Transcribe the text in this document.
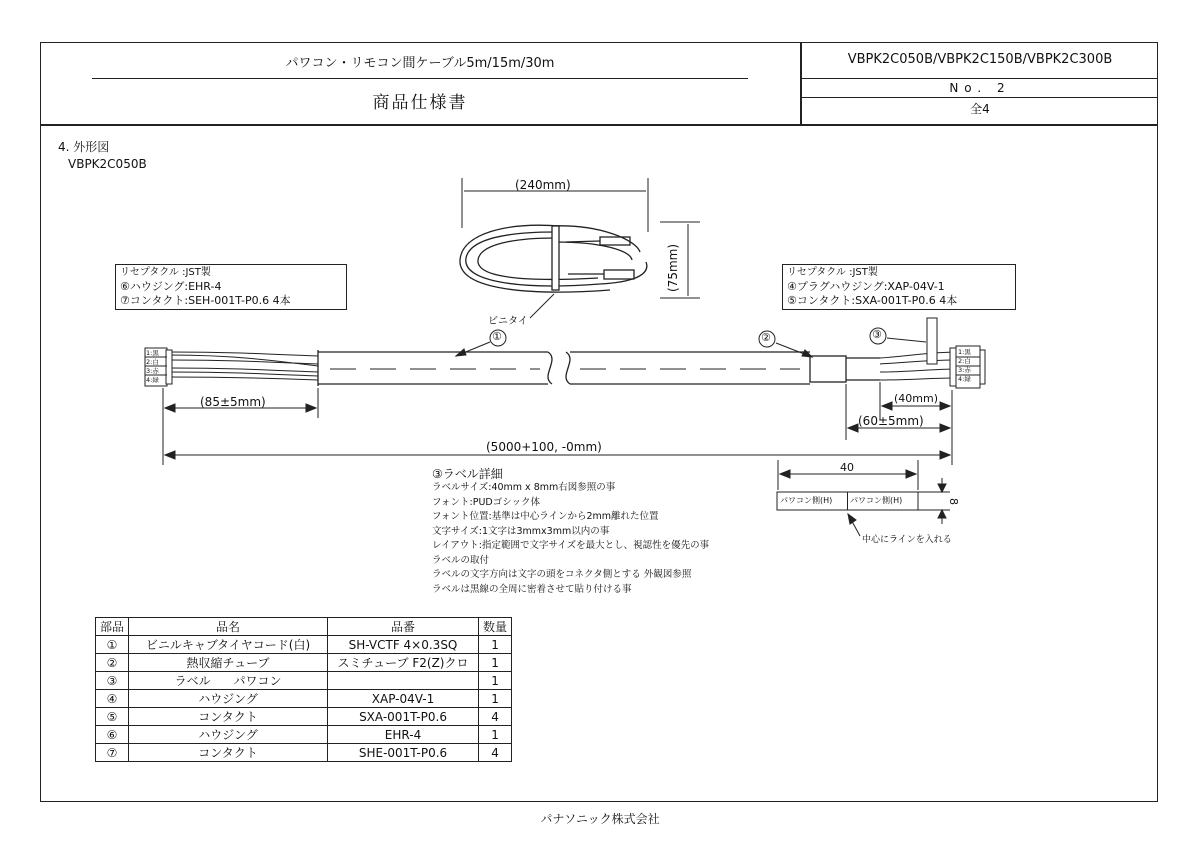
パワコン・リモコン間ケーブル5m/15m/30m
商品仕様書
VBPK2C050B/VBPK2C150B/VBPK2C300B
No. 2
全4
4. 外形図
VBPK2C050B
(240mm)
(75mm)
ビニタイ
①	②	③
リセプタクル :JST製
⑥ハウジング:EHR-4
⑦コンタクト:SEH-001T-P0.6 4本
リセプタクル :JST製
④プラグハウジング:XAP-04V-1
⑤コンタクト:SXA-001T-P0.6 4本
1:黒
2:白
3:赤
4:緑
1:黒
2:白
3:赤
4:緑
(85±5mm)	(40mm)
(60±5mm)
(5000+100, -0mm)
③ラベル詳細
ラベルサイズ:40mm x 8mm右図参照の事
フォント:PUDゴシック体
フォント位置:基準は中心ラインから2mm離れた位置
文字サイズ:1文字は3mmx3mm以内の事
レイアウト:指定範囲で文字サイズを最大とし、視認性を優先の事
ラベルの取付
ラベルの文字方向は文字の頭をコネクタ側とする 外観図参照
ラベルは黒線の全周に密着させて貼り付ける事
40
8
パワコン側(H) パワコン側(H)
中心にラインを入れる
部品	品名	品番	数量
①	ビニルキャブタイヤコード(白)	SH-VCTF 4×0.3SQ	1
②	熱収縮チューブ	スミチューブ F2(Z)クロ	1
③	ラベル      パワコン		1
④	ハウジング	XAP-04V-1	1
⑤	コンタクト	SXA-001T-P0.6	4
⑥	ハウジング	EHR-4	1
⑦	コンタクト	SHE-001T-P0.6	4
パナソニック株式会社
